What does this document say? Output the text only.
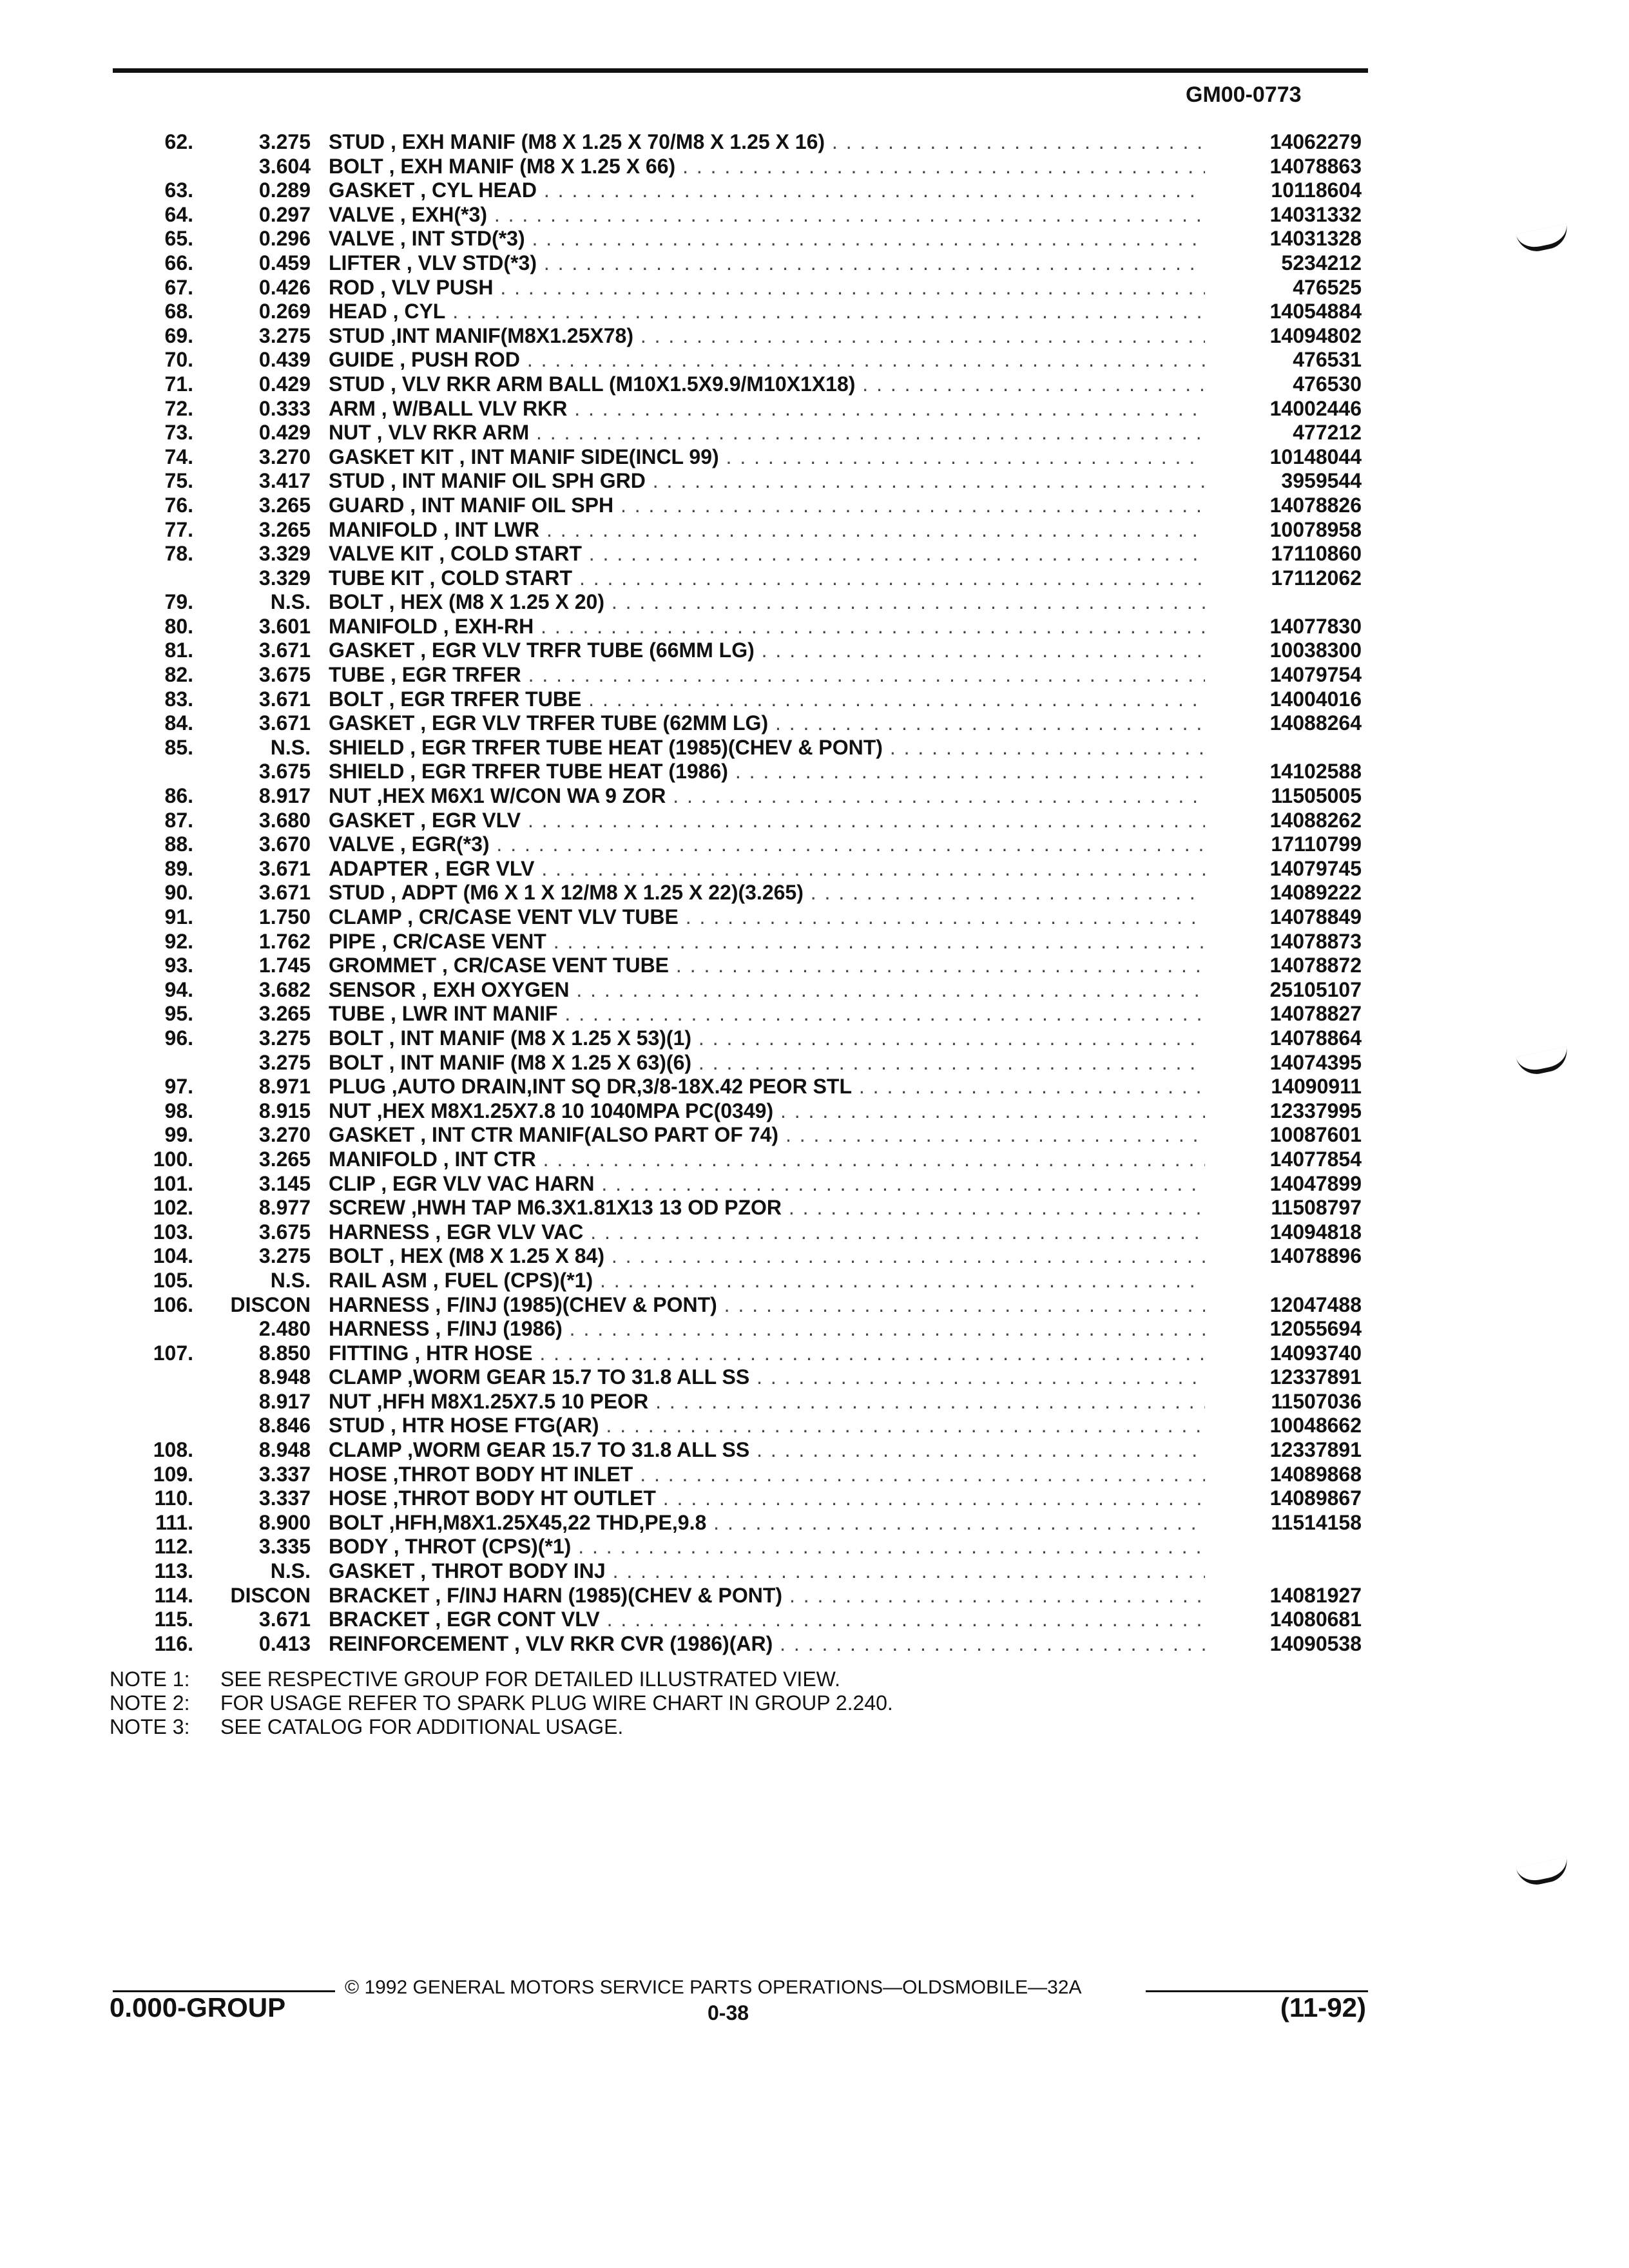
GM00-0773
62.	3.275 STUD , EXH MANIF (M8 X 1.25 X 70/M8 X 1.25 X 16) . . .	14062279
3.604 BOLT , EXH MANIF (M8 X 1.25 X 66) . . .	14078863
63.	0.289 GASKET , CYL HEAD . . .	10118604
64.	0.297 VALVE , EXH(*3) . . .	14031332
65.	0.296 VALVE , INT STD(*3) . . .	14031328
66.	0.459 LIFTER , VLV STD(*3) . . .	5234212
67.	0.426 ROD , VLV PUSH . . .	476525
68.	0.269 HEAD , CYL . . .	14054884
69.	3.275 STUD ,INT MANIF(M8X1.25X78) . . .	14094802
70.	0.439 GUIDE , PUSH ROD . . .	476531
71.	0.429 STUD , VLV RKR ARM BALL (M10X1.5X9.9/M10X1X18) . . .	476530
72.	0.333 ARM , W/BALL VLV RKR . . .	14002446
73.	0.429 NUT , VLV RKR ARM . . .	477212
74.	3.270 GASKET KIT , INT MANIF SIDE(INCL 99) . . .	10148044
75.	3.417 STUD , INT MANIF OIL SPH GRD . . .	3959544
76.	3.265 GUARD , INT MANIF OIL SPH . . .	14078826
77.	3.265 MANIFOLD , INT LWR . . .	10078958
78.	3.329 VALVE KIT , COLD START . . .	17110860
3.329 TUBE KIT , COLD START . . .	17112062
79.	N.S. BOLT , HEX (M8 X 1.25 X 20) . . .
80.	3.601 MANIFOLD , EXH-RH . . .	14077830
81.	3.671 GASKET , EGR VLV TRFR TUBE (66MM LG) . . .	10038300
82.	3.675 TUBE , EGR TRFER . . .	14079754
83.	3.671 BOLT , EGR TRFER TUBE . . .	14004016
84.	3.671 GASKET , EGR VLV TRFER TUBE (62MM LG) . . .	14088264
85.	N.S. SHIELD , EGR TRFER TUBE HEAT (1985)(CHEV & PONT) . . .
3.675 SHIELD , EGR TRFER TUBE HEAT (1986) . . .	14102588
86.	8.917 NUT ,HEX M6X1 W/CON WA 9 ZOR . . .	11505005
87.	3.680 GASKET , EGR VLV . . .	14088262
88.	3.670 VALVE , EGR(*3) . . .	17110799
89.	3.671 ADAPTER , EGR VLV . . .	14079745
90.	3.671 STUD , ADPT (M6 X 1 X 12/M8 X 1.25 X 22)(3.265) . . .	14089222
91.	1.750 CLAMP , CR/CASE VENT VLV TUBE . . .	14078849
92.	1.762 PIPE , CR/CASE VENT . . .	14078873
93.	1.745 GROMMET , CR/CASE VENT TUBE . . .	14078872
94.	3.682 SENSOR , EXH OXYGEN . . .	25105107
95.	3.265 TUBE , LWR INT MANIF . . .	14078827
96.	3.275 BOLT , INT MANIF (M8 X 1.25 X 53)(1) . . .	14078864
3.275 BOLT , INT MANIF (M8 X 1.25 X 63)(6) . . .	14074395
97.	8.971 PLUG ,AUTO DRAIN,INT SQ DR,3/8-18X.42 PEOR STL . . .	14090911
98.	8.915 NUT ,HEX M8X1.25X7.8 10 1040MPA PC(0349) . . .	12337995
99.	3.270 GASKET , INT CTR MANIF(ALSO PART OF 74) . . .	10087601
100.	3.265 MANIFOLD , INT CTR . . .	14077854
101.	3.145 CLIP , EGR VLV VAC HARN . . .	14047899
102.	8.977 SCREW ,HWH TAP M6.3X1.81X13 13 OD PZOR . . .	11508797
103.	3.675 HARNESS , EGR VLV VAC . . .	14094818
104.	3.275 BOLT , HEX (M8 X 1.25 X 84) . . .	14078896
105.	N.S. RAIL ASM , FUEL (CPS)(*1) . . .
106.	DISCON HARNESS , F/INJ (1985)(CHEV & PONT) . . .	12047488
2.480 HARNESS , F/INJ (1986) . . .	12055694
107.	8.850 FITTING , HTR HOSE . . .	14093740
8.948 CLAMP ,WORM GEAR 15.7 TO 31.8 ALL SS . . .	12337891
8.917 NUT ,HFH M8X1.25X7.5 10 PEOR . . .	11507036
8.846 STUD , HTR HOSE FTG(AR) . . .	10048662
108.	8.948 CLAMP ,WORM GEAR 15.7 TO 31.8 ALL SS . . .	12337891
109.	3.337 HOSE ,THROT BODY HT INLET . . .	14089868
110.	3.337 HOSE ,THROT BODY HT OUTLET . . .	14089867
111.	8.900 BOLT ,HFH,M8X1.25X45,22 THD,PE,9.8 . . .	11514158
112.	3.335 BODY , THROT (CPS)(*1) . . .
113.	N.S. GASKET , THROT BODY INJ . . .
114.	DISCON BRACKET , F/INJ HARN (1985)(CHEV & PONT) . . .	14081927
115.	3.671 BRACKET , EGR CONT VLV . . .	14080681
116.	0.413 REINFORCEMENT , VLV RKR CVR (1986)(AR) . . .	14090538
NOTE 1: SEE RESPECTIVE GROUP FOR DETAILED ILLUSTRATED VIEW.
NOTE 2: FOR USAGE REFER TO SPARK PLUG WIRE CHART IN GROUP 2.240.
NOTE 3: SEE CATALOG FOR ADDITIONAL USAGE.
© 1992 GENERAL MOTORS SERVICE PARTS OPERATIONS—OLDSMOBILE—32A
0.000-GROUP	0-38	(11-92)
